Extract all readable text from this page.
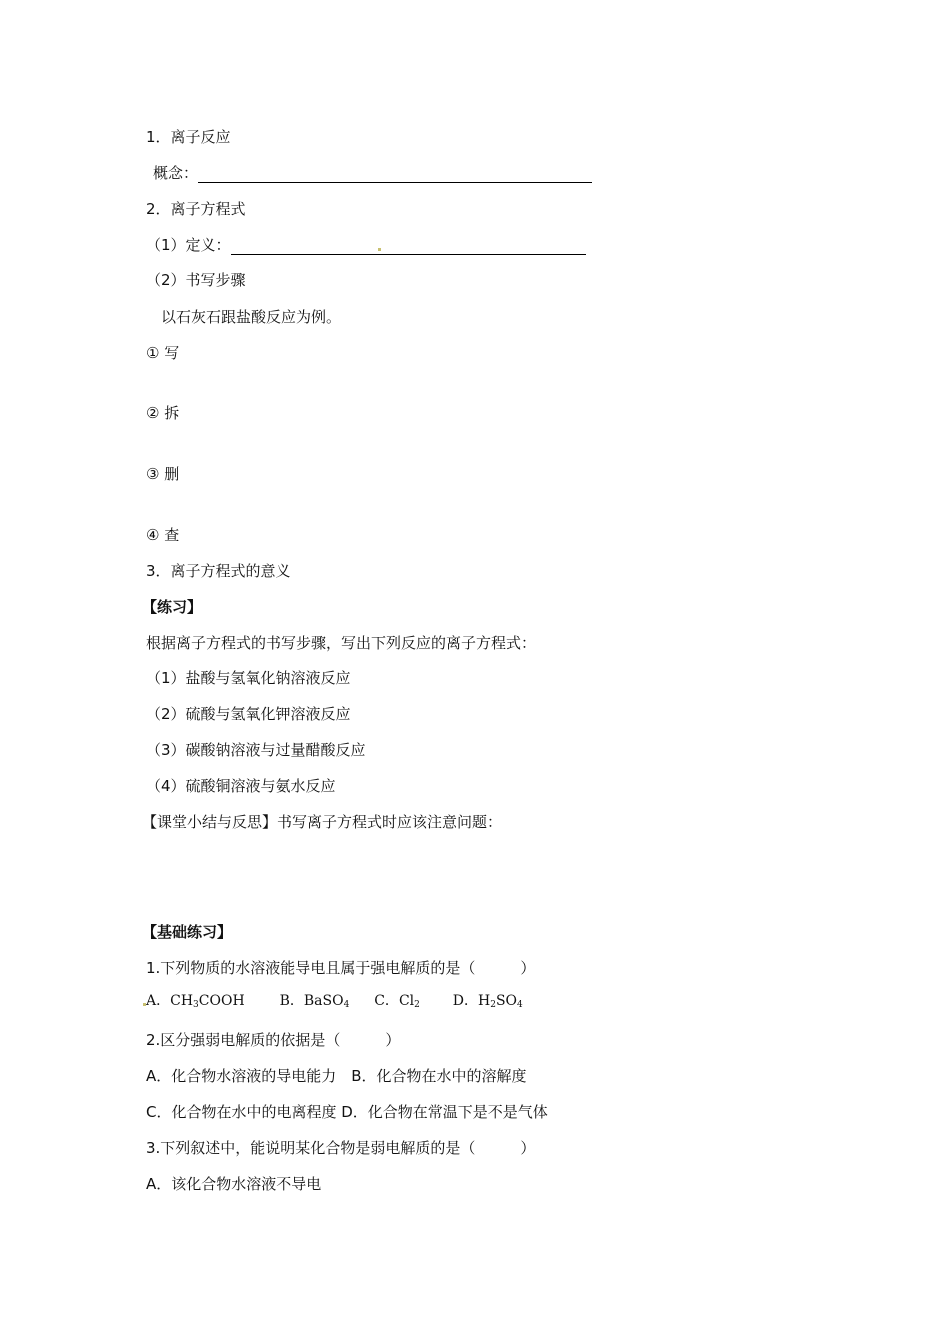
1．离子反应
概念：
2．离子方程式
（1）定义：
（2）书写步骤
以石灰石跟盐酸反应为例。
① 写
② 拆
③ 删
④ 查
3．离子方程式的意义
【练习】
根据离子方程式的书写步骤，写出下列反应的离子方程式：
（1）盐酸与氢氧化钠溶液反应
（2）硫酸与氢氧化钾溶液反应
（3）碳酸钠溶液与过量醋酸反应
（4）硫酸铜溶液与氨水反应
【课堂小结与反思】书写离子方程式时应该注意问题：
【基础练习】
1.下列物质的水溶液能导电且属于强电解质的是（　　　）
A．$CH_3COOH$ B．BaSO$_4$ C．$Cl_2$ D．$H_2SO_4$
2.区分强弱电解质的依据是（　　　）
A．化合物水溶液的导电能力　B．化合物在水中的溶解度
C．化合物在水中的电离程度 D．化合物在常温下是不是气体
3.下列叙述中，能说明某化合物是弱电解质的是（　　　）
A．该化合物水溶液不导电
